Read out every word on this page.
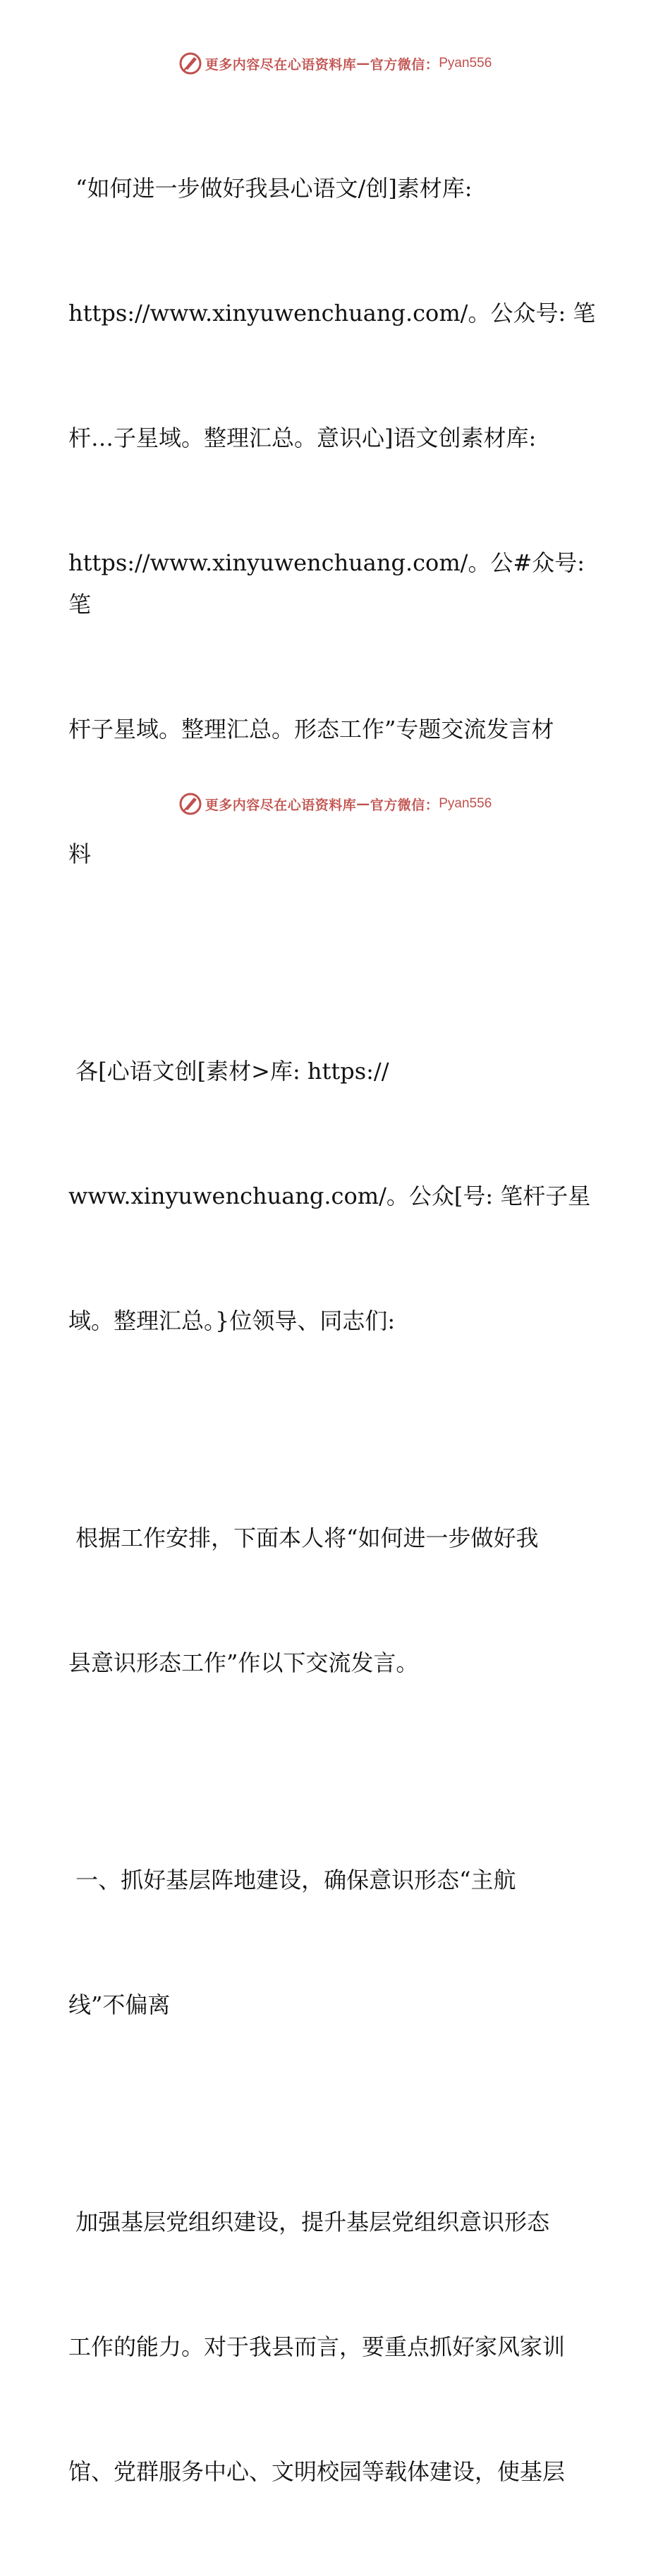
更多内容尽在心语资料库 — 官方微信： Pyan556

“如何进一步做好我县心语文/创]素材库:

https://www.xinyuwenchuang.com/。公众号: 笔

杆…子星域。整理汇总。意识心]语文创素材库:

https://www.xinyuwenchuang.com/。公#众号: 笔

杆子星域。整理汇总。形态工作”专题交流发言材

料

各[心语文创[素材>库: https://

www.xinyuwenchuang.com/。公众[号: 笔杆子星

域。整理汇总。}位领导、同志们:

根据工作安排，下面本人将“如何进一步做好我

县意识形态工作”作以下交流发言。

一、抓好基层阵地建设，确保意识形态“主航

线”不偏离

加强基层党组织建设，提升基层党组织意识形态

工作的能力。对于我县而言，要重点抓好家风家训

馆、党群服务中心、文明校园等载体建设，使基层

更多内容尽在心语资料库 — 官方微信： Pyan556
